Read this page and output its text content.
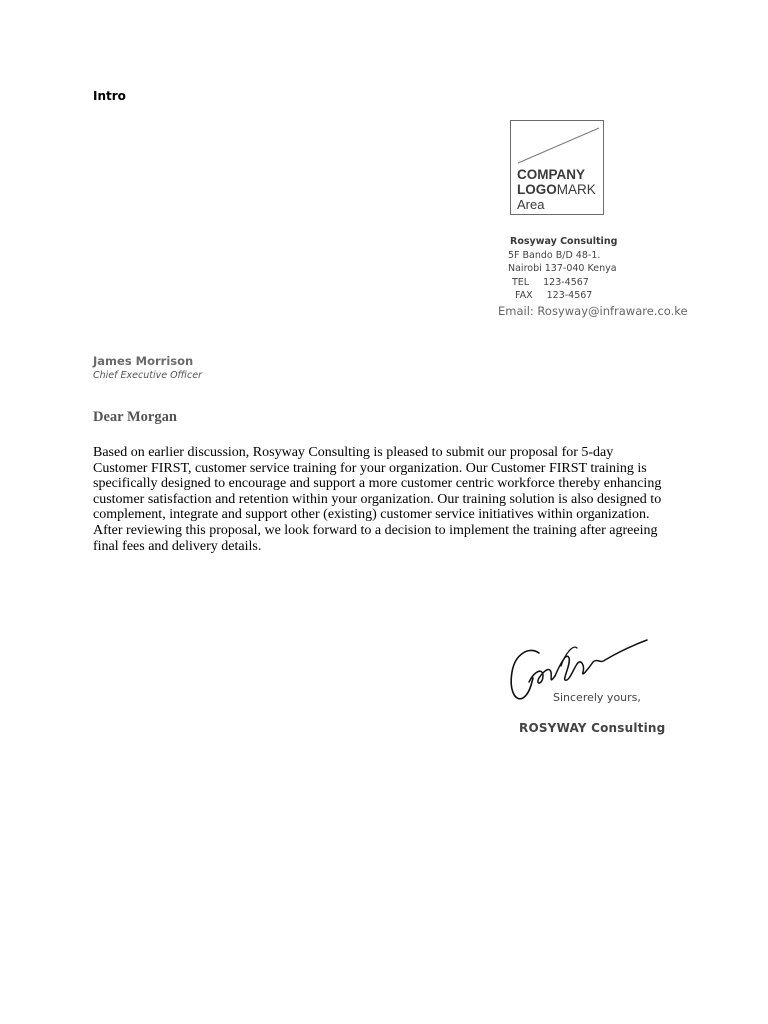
Intro
COMPANY
LOGOMARK
Area
Rosyway Consulting
5F Bando B/D 48-1.
Nairobi 137-040 Kenya
TEL 123-4567
FAX 123-4567
Email: Rosyway@infraware.co.ke
James Morrison
Chief Executive Officer
Dear Morgan
Based on earlier discussion, Rosyway Consulting is pleased to submit our proposal for 5-day
Customer FIRST, customer service training for your organization. Our Customer FIRST training is
specifically designed to encourage and support a more customer centric workforce thereby enhancing
customer satisfaction and retention within your organization. Our training solution is also designed to
complement, integrate and support other (existing) customer service initiatives within organization.
After reviewing this proposal, we look forward to a decision to implement the training after agreeing
final fees and delivery details.
Sincerely yours,
ROSYWAY Consulting
